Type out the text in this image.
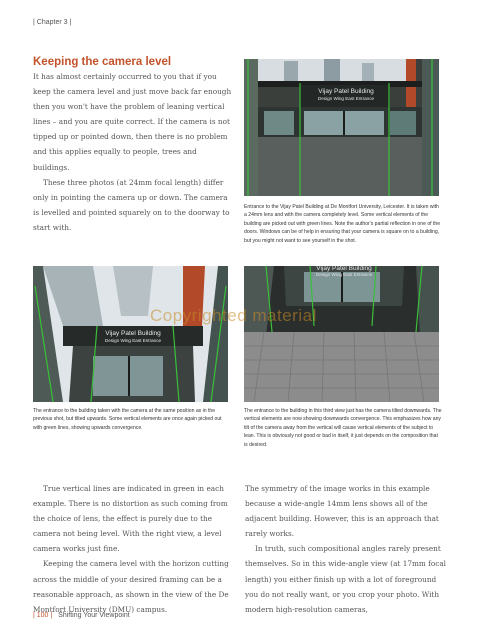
| Chapter 3 |
Keeping the camera level

It has almost certainly occurred to you that if you keep the camera level and just move back far enough then you won't have the problem of leaning vertical lines – and you are quite correct. If the camera is not tipped up or pointed down, then there is no problem and this applies equally to people, trees and buildings.

These three photos (at 24mm focal length) differ only in pointing the camera up or down. The camera is levelled and pointed squarely on to the doorway to start with.

Vijay Patel Building
Design Wing East Entrance

Entrance to the Vijay Patel Building at De Montfort University, Leicester. It is taken with a 24mm lens and with the camera completely level. Some vertical elements of the building are picked out with green lines. Note the author's partial reflection in one of the doors. Windows can be of help in ensuring that your camera is square on to a building, but you might not want to see yourself in the shot.

Vijay Patel Building
Design Wing East Entrance

The entrance to the building taken with the camera at the same position as in the previous shot, but tilted upwards. Some vertical elements are once again picked out with green lines, showing upwards convergence.

Vijay Patel Building
Design Wing East Entrance

The entrance to the building in this third view just has the camera tilted downwards. The vertical elements are now showing downwards convergence. This emphasizes how any tilt of the camera away from the vertical will cause vertical elements of the subject to lean. This is obviously not good or bad in itself, it just depends on the composition that is desired.

Copyrighted material

True vertical lines are indicated in green in each example. There is no distortion as such coming from the choice of lens, the effect is purely due to the camera not being level. With the right view, a level camera works just fine.

Keeping the camera level with the horizon cutting across the middle of your desired framing can be a reasonable approach, as shown in the view of the De Montfort University (DMU) campus.

The symmetry of the image works in this example because a wide-angle 14mm lens shows all of the adjacent building. However, this is an approach that rarely works.

In truth, such compositional angles rarely present themselves. So in this wide-angle view (at 17mm focal length) you either finish up with a lot of foreground you do not really want, or you crop your photo. With modern high-resolution cameras,

| 100 | Shifting Your Viewpoint
